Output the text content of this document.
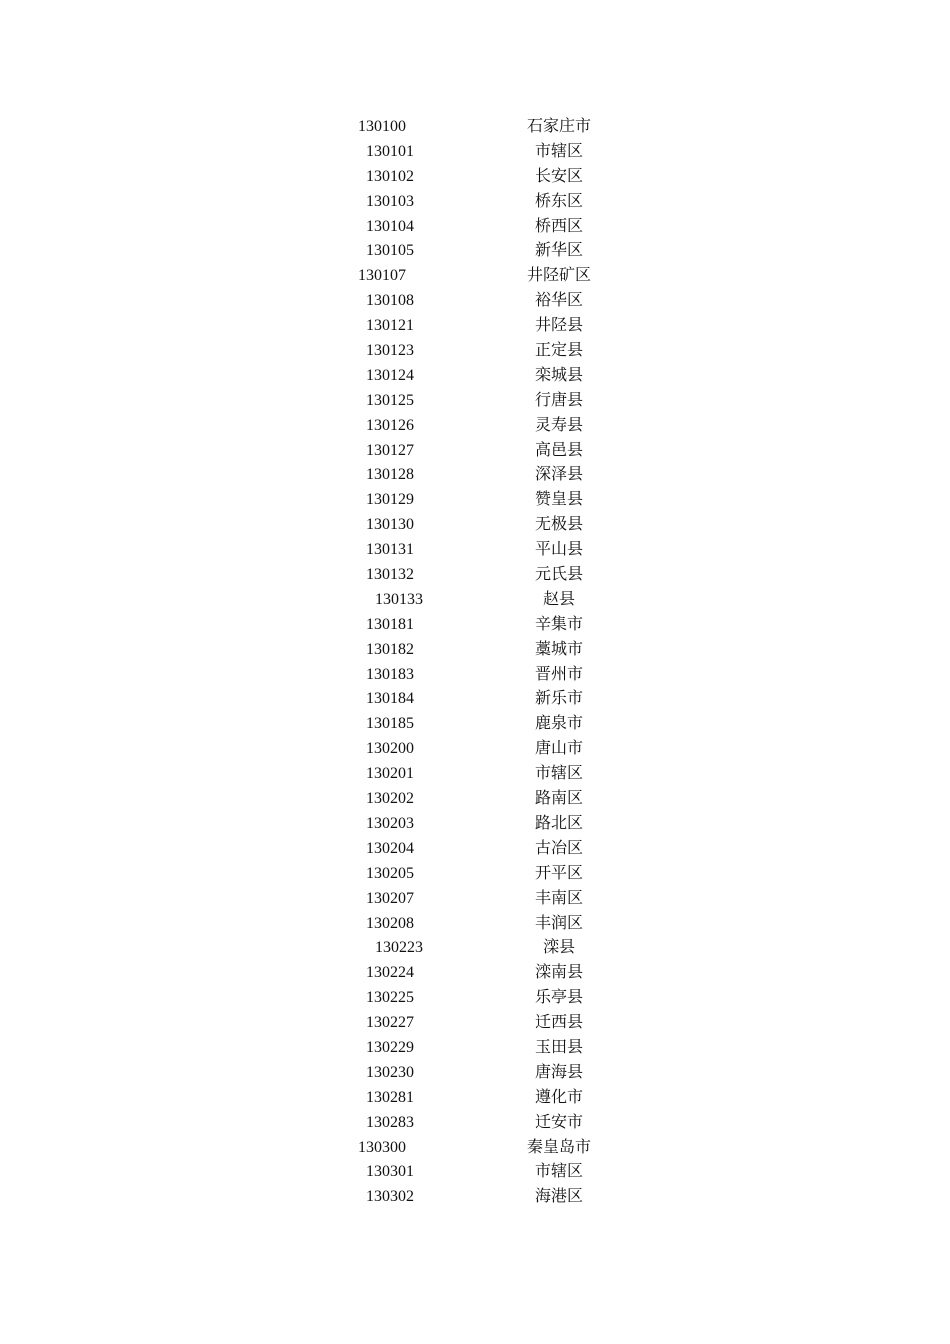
130100	石家庄市
130101	市辖区
130102	长安区
130103	桥东区
130104	桥西区
130105	新华区
130107	井陉矿区
130108	裕华区
130121	井陉县
130123	正定县
130124	栾城县
130125	行唐县
130126	灵寿县
130127	高邑县
130128	深泽县
130129	赞皇县
130130	无极县
130131	平山县
130132	元氏县
130133	赵县
130181	辛集市
130182	藁城市
130183	晋州市
130184	新乐市
130185	鹿泉市
130200	唐山市
130201	市辖区
130202	路南区
130203	路北区
130204	古冶区
130205	开平区
130207	丰南区
130208	丰润区
130223	滦县
130224	滦南县
130225	乐亭县
130227	迁西县
130229	玉田县
130230	唐海县
130281	遵化市
130283	迁安市
130300	秦皇岛市
130301	市辖区
130302	海港区
